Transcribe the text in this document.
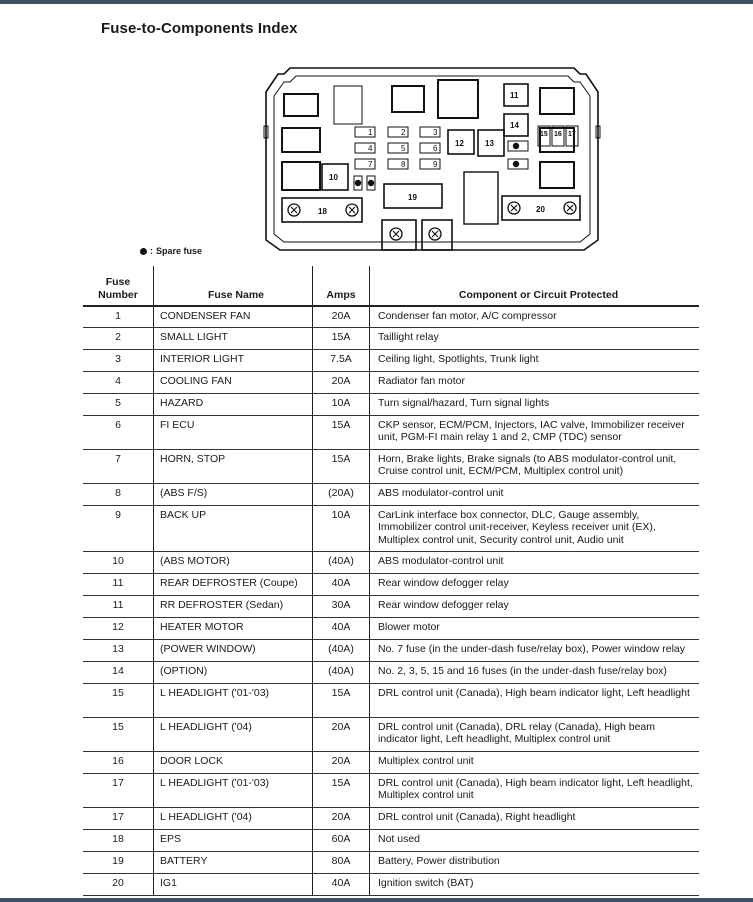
Fuse-to-Components Index
1	2	3
4	5	6
7	8	9
11
12	13
14
10
15 16 17
19
18	20
: Spare fuse
Fuse
Number	Fuse Name	Amps	Component or Circuit Protected
1	CONDENSER FAN	20A	Condenser fan motor, A/C compressor
2	SMALL LIGHT	15A	Taillight relay
3	INTERIOR LIGHT	7.5A	Ceiling light, Spotlights, Trunk light
4	COOLING FAN	20A	Radiator fan motor
5	HAZARD	10A	Turn signal/hazard, Turn signal lights
6	FI ECU	15A	CKP sensor, ECM/PCM, Injectors, IAC valve, Immobilizer receiver unit, PGM-FI main relay 1 and 2, CMP (TDC) sensor
7	HORN, STOP	15A	Horn, Brake lights, Brake signals (to ABS modulator-control unit, Cruise control unit, ECM/PCM, Multiplex control unit)
8	(ABS F/S)	(20A)	ABS modulator-control unit
9	BACK UP	10A	CarLink interface box connector, DLC, Gauge assembly, Immobilizer control unit-receiver, Keyless receiver unit (EX), Multiplex control unit, Security control unit, Audio unit
10	(ABS MOTOR)	(40A)	ABS modulator-control unit
11	REAR DEFROSTER (Coupe)	40A	Rear window defogger relay
11	RR DEFROSTER (Sedan)	30A	Rear window defogger relay
12	HEATER MOTOR	40A	Blower motor
13	(POWER WINDOW)	(40A)	No. 7 fuse (in the under-dash fuse/relay box), Power window relay
14	(OPTION)	(40A)	No. 2, 3, 5, 15 and 16 fuses (in the under-dash fuse/relay box)
15	L HEADLIGHT ('01-'03)	15A	DRL control unit (Canada), High beam indicator light, Left headlight
15	L HEADLIGHT ('04)	20A	DRL control unit (Canada), DRL relay (Canada), High beam indicator light, Left headlight, Multiplex control unit
16	DOOR LOCK	20A	Multiplex control unit
17	L HEADLIGHT ('01-'03)	15A	DRL control unit (Canada), High beam indicator light, Left headlight, Multiplex control unit
17	L HEADLIGHT ('04)	20A	DRL control unit (Canada), Right headlight
18	EPS	60A	Not used
19	BATTERY	80A	Battery, Power distribution
20	IG1	40A	Ignition switch (BAT)
